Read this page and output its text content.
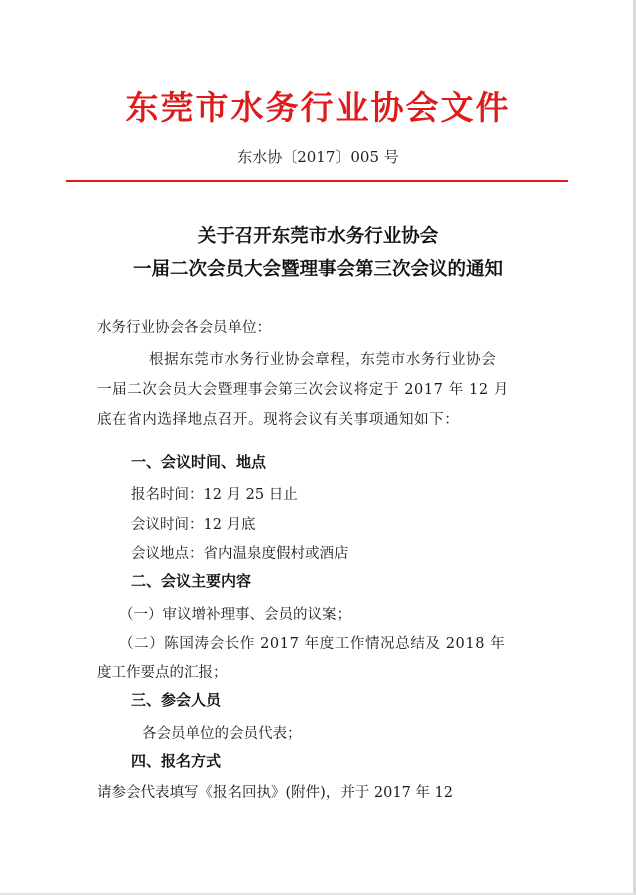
东莞市水务行业协会文件
东水协〔2017〕005 号
关于召开东莞市水务行业协会
一届二次会员大会暨理事会第三次会议的通知
水务行业协会各会员单位：
根据东莞市水务行业协会章程，东莞市水务行业协会
一届二次会员大会暨理事会第三次会议将定于 2017 年 12 月
底在省内选择地点召开。现将会议有关事项通知如下：
一、会议时间、地点
报名时间：12 月 25 日止
会议时间：12 月底
会议地点：省内温泉度假村或酒店
二、会议主要内容
（一）审议增补理事、会员的议案；
（二）陈国涛会长作 2017 年度工作情况总结及 2018 年
度工作要点的汇报；
三、参会人员
各会员单位的会员代表；
四、报名方式
请参会代表填写《报名回执》(附件)，并于 2017 年 12
